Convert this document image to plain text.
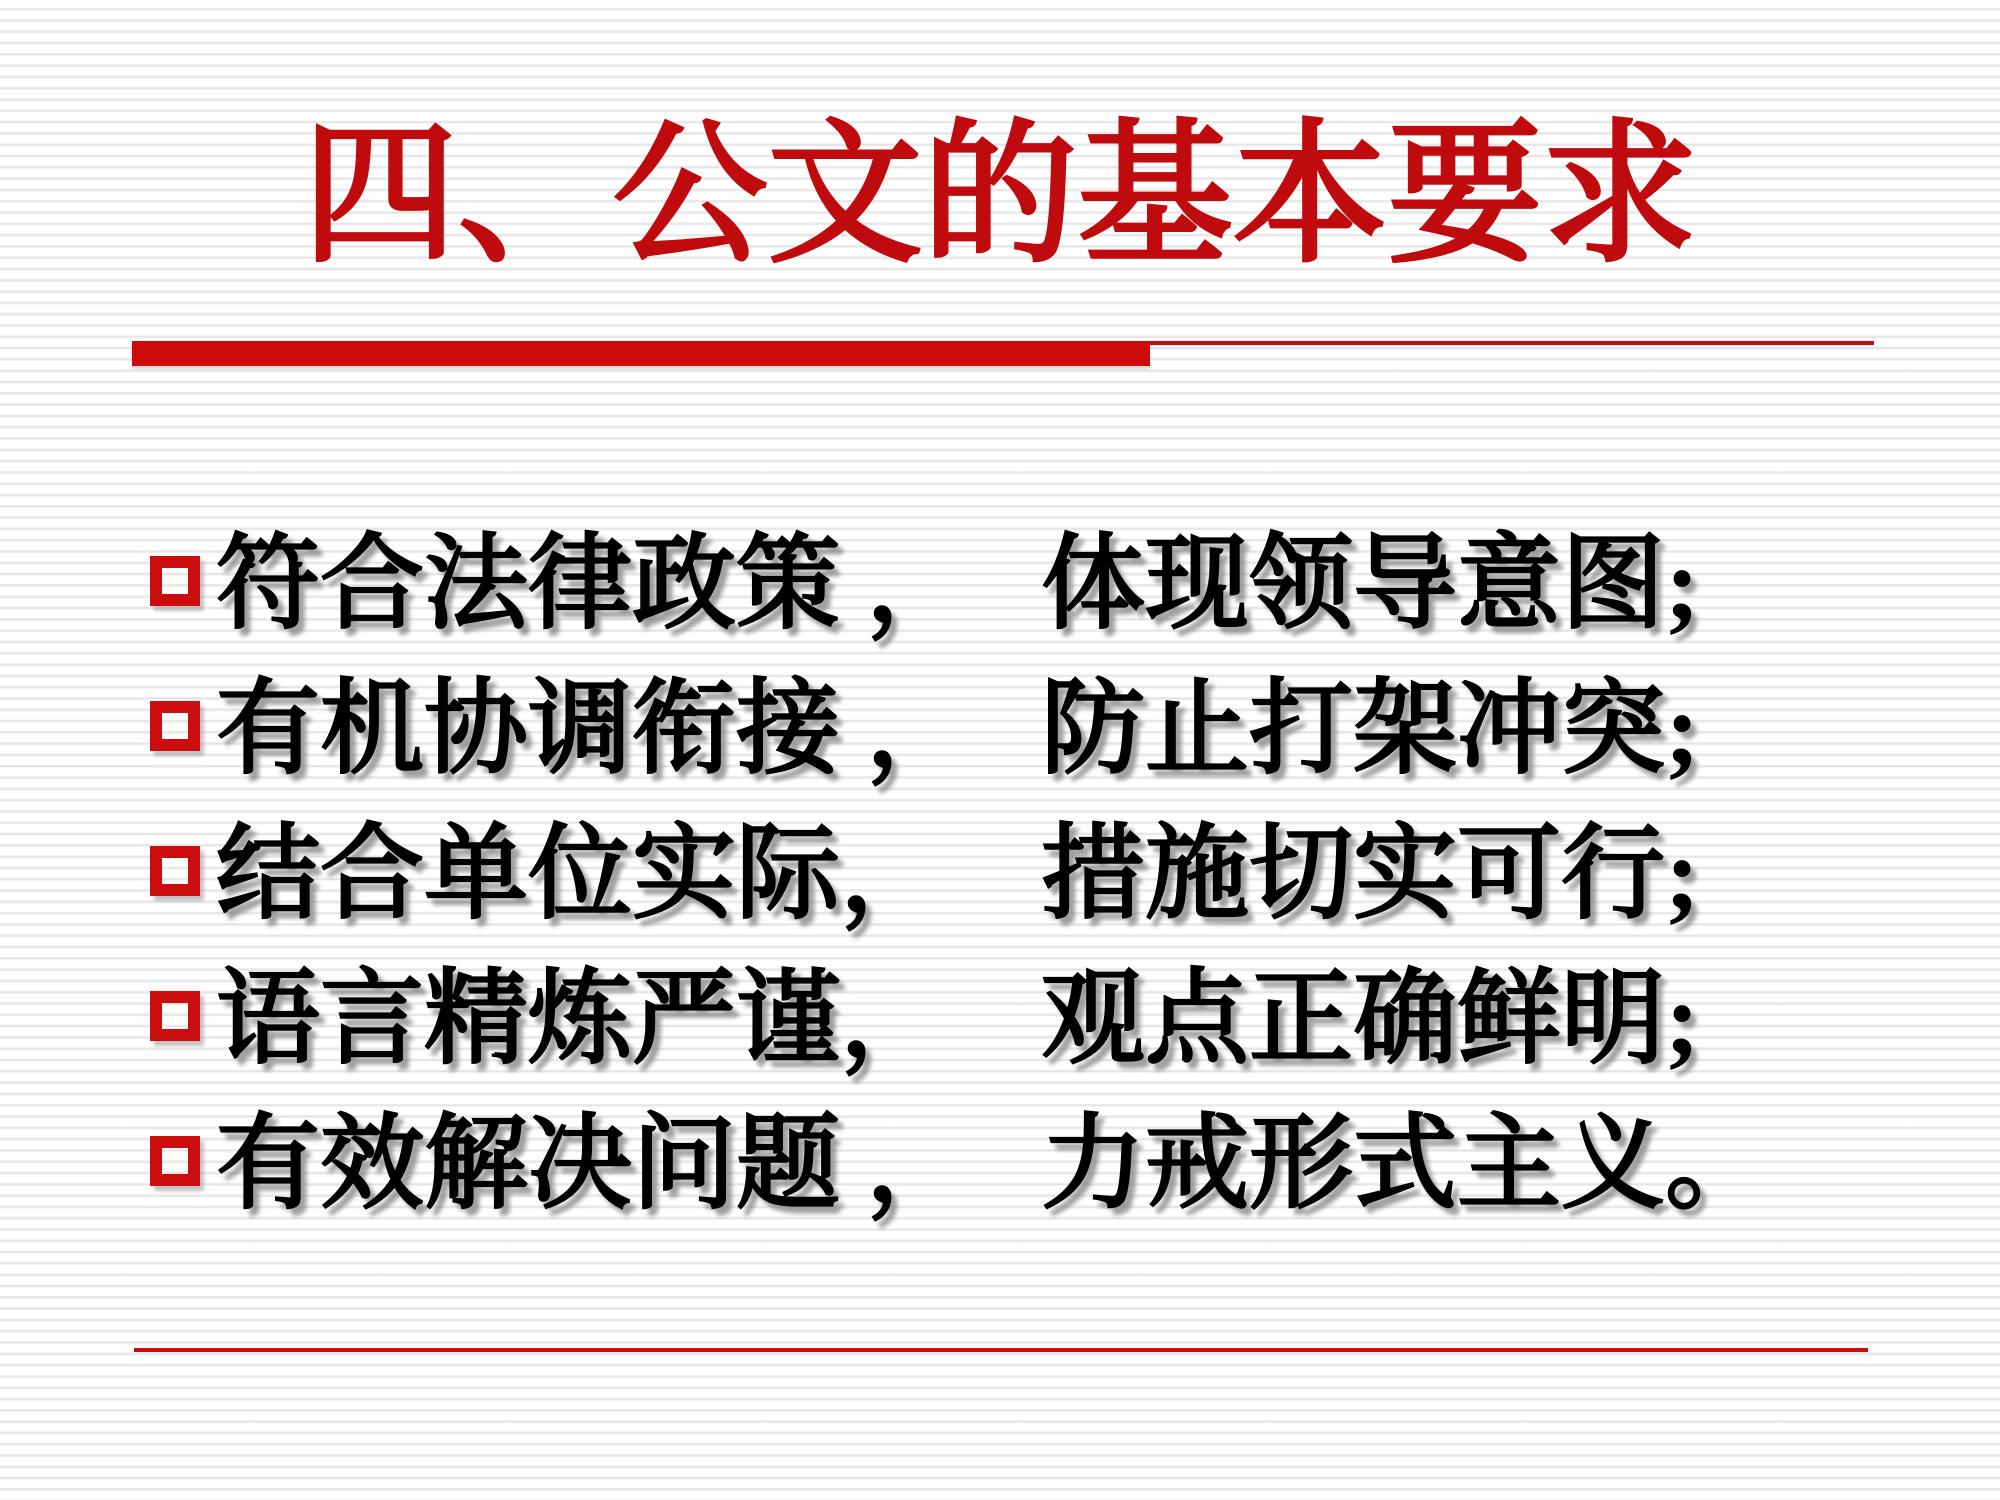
四、公文的基本要求
符合法律政策 ， 体现领导意图;
有机协调衔接 ， 防止打架冲突;
结合单位实际， 措施切实可行;
语言精炼严谨， 观点正确鲜明;
有效解决问题 ， 力戒形式主义。
